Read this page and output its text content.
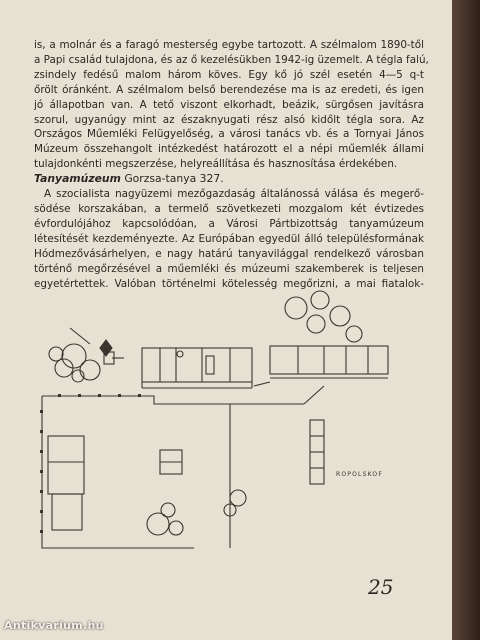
is, a molnár és a faragó mesterség egybe tartozott. A szélmalom 1890-től
a Papi család tulajdona, és az ő kezelésükben 1942-ig üzemelt. A tégla falú,
zsindely fedésű malom három köves. Egy kő jó szél esetén 4—5 q-t
őrölt óránként. A szélmalom belső berendezése ma is az eredeti, és igen
jó állapotban van. A tető viszont elkorhadt, beázik, sürgősen javításra
szorul, ugyanúgy mint az északnyugati rész alsó kidőlt tégla sora. Az
Országos Műemléki Felügyelőség, a városi tanács vb. és a Tornyai János
Múzeum összehangolt intézkedést határozott el a népi műemlék állami
tulajdonkénti megszerzése, helyreállítása és hasznosítása érdekében.

Tanyamúzeum Gorzsa-tanya 327.

A szocialista nagyüzemi mezőgazdaság általánossá válása és megerő-
södése korszakában, a termelő szövetkezeti mozgalom két évtizedes
évfordulójához kapcsolódóan, a Városi Pártbizottság tanyamúzeum
létesítését kezdeményezte. Az Európában egyedül álló településformának
Hódmezővásárhelyen, e nagy határú tanyavilággal rendelkező városban
történő megőrzésével a műemléki és múzeumi szakemberek is teljesen
egyetértettek. Valóban történelmi kötelesség megőrizni, a mai fiatalok-

ROPOLSKOF
25
Antikvarium.hu
